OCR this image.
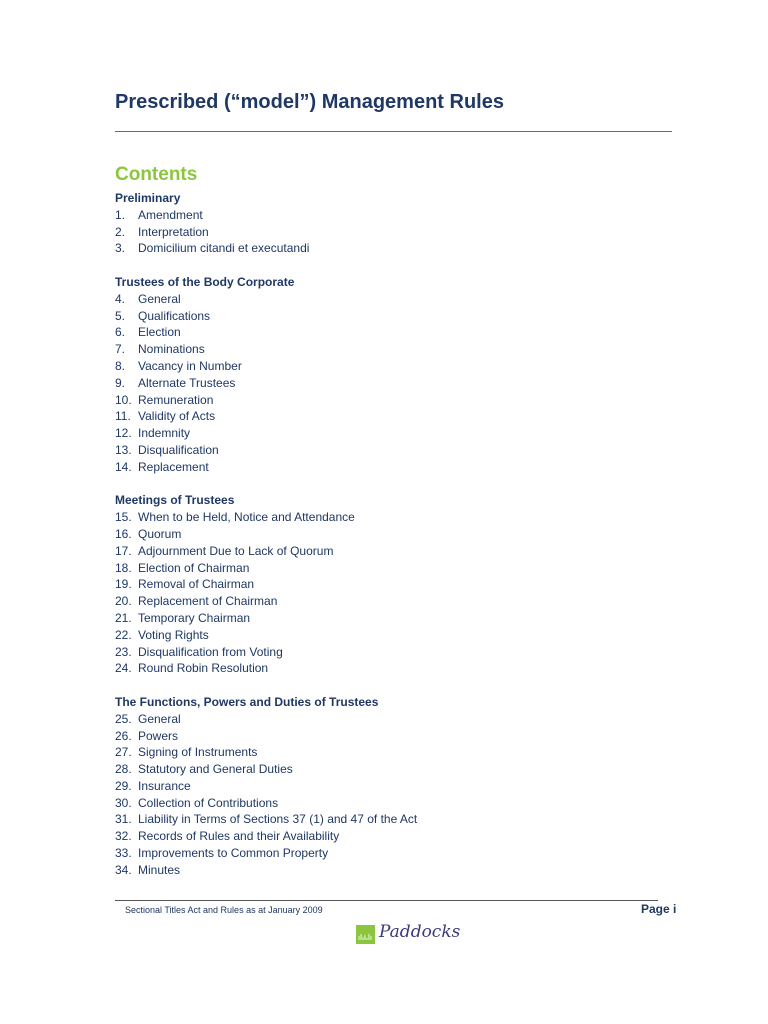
Prescribed (“model”) Management Rules
Contents
Preliminary
1. Amendment
2. Interpretation
3. Domicilium citandi et executandi
Trustees of the Body Corporate
4. General
5. Qualifications
6. Election
7. Nominations
8. Vacancy in Number
9. Alternate Trustees
10. Remuneration
11. Validity of Acts
12. Indemnity
13. Disqualification
14. Replacement
Meetings of Trustees
15. When to be Held, Notice and Attendance
16. Quorum
17. Adjournment Due to Lack of Quorum
18. Election of Chairman
19. Removal of Chairman
20. Replacement of Chairman
21. Temporary Chairman
22. Voting Rights
23. Disqualification from Voting
24. Round Robin Resolution
The Functions, Powers and Duties of Trustees
25. General
26. Powers
27. Signing of Instruments
28. Statutory and General Duties
29. Insurance
30. Collection of Contributions
31. Liability in Terms of Sections 37 (1) and 47 of the Act
32. Records of Rules and their Availability
33. Improvements to Common Property
34. Minutes
Sectional Titles Act and Rules as at January 2009	Page i
Paddocks
